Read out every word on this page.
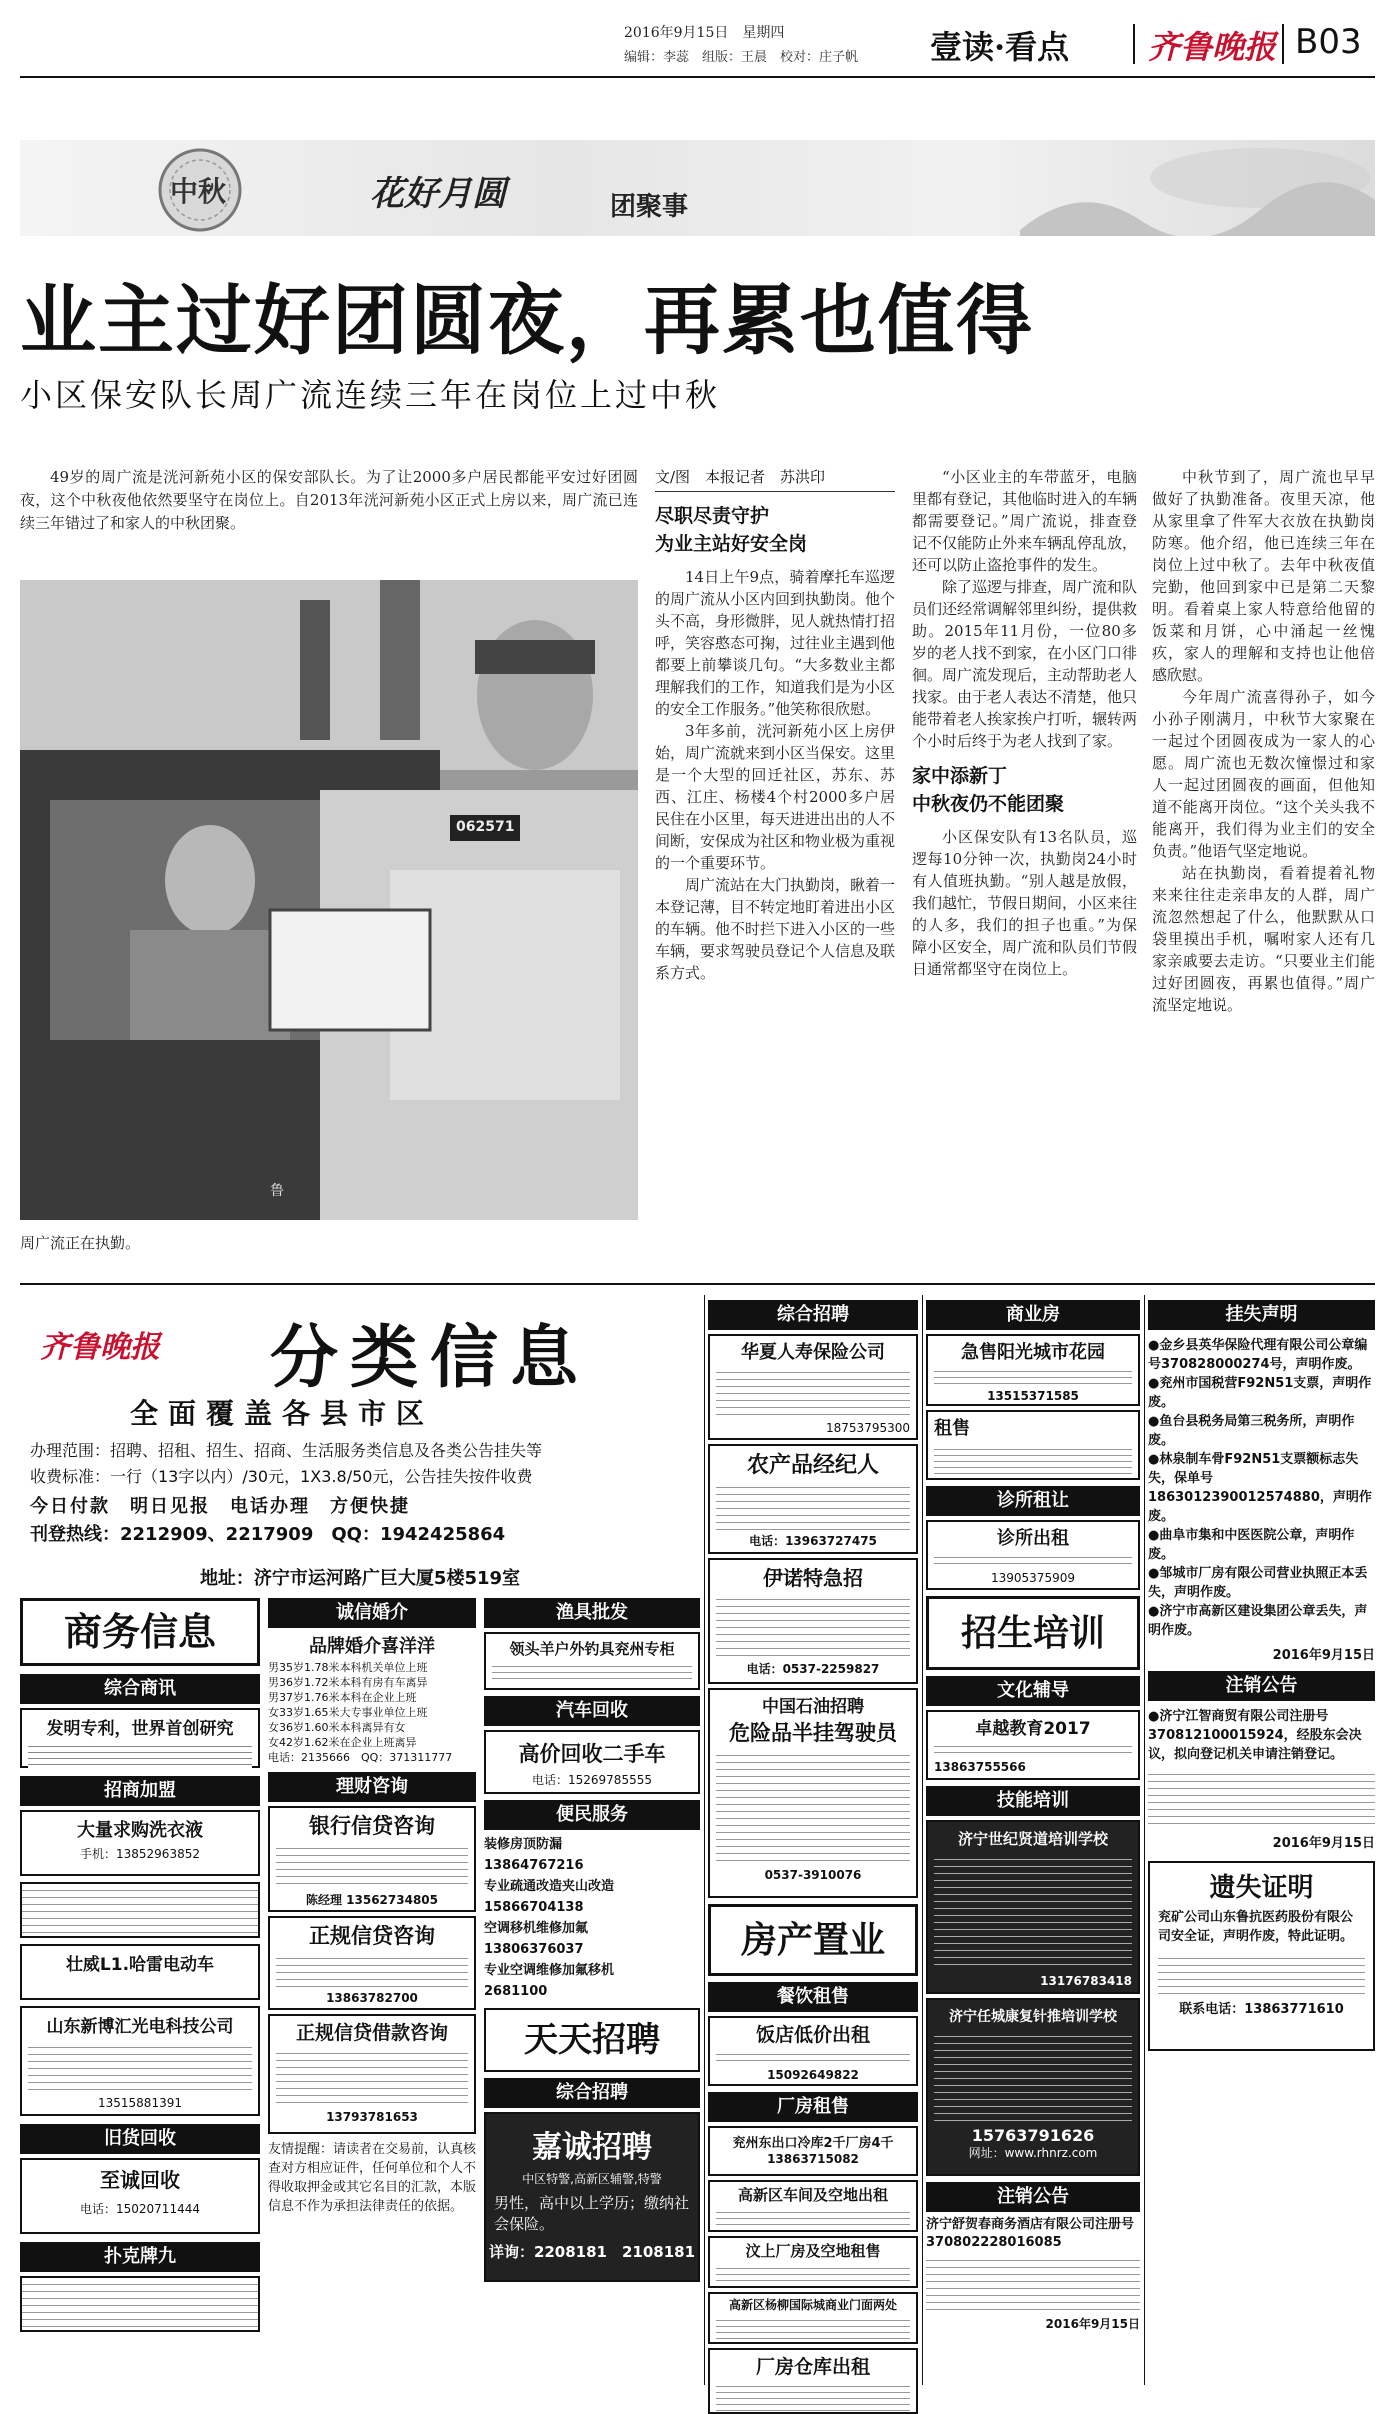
2016年9月15日　星期四
编辑：李蕊　组版：王晨　校对：庄子帆 壹读·看点 齐鲁晚报 B03
中秋	花好月圆	团聚事
业主过好团圆夜，再累也值得
小区保安队长周广流连续三年在岗位上过中秋

49岁的周广流是洸河新苑小区的保安部队长。为了让2000多户居民都能平安过好团圆夜，这个中秋夜他依然要坚守在岗位上。自2013年洸河新苑小区正式上房以来，周广流已连续三年错过了和家人的中秋团聚。

062571
鲁
周广流正在执勤。
文/图　本报记者　苏洪印
尽职尽责守护
为业主站好安全岗

14日上午9点，骑着摩托车巡逻的周广流从小区内回到执勤岗。他个头不高，身形微胖，见人就热情打招呼，笑容憨态可掬，过往业主遇到他都要上前攀谈几句。“大多数业主都理解我们的工作，知道我们是为小区的安全工作服务。”他笑称很欣慰。

3年多前，洸河新苑小区上房伊始，周广流就来到小区当保安。这里是一个大型的回迁社区，苏东、苏西、江庄、杨楼4个村2000多户居民住在小区里，每天进进出出的人不间断，安保成为社区和物业极为重视的一个重要环节。

周广流站在大门执勤岗，瞅着一本登记薄，目不转定地盯着进出小区的车辆。他不时拦下进入小区的一些车辆，要求驾驶员登记个人信息及联系方式。

“小区业主的车带蓝牙，电脑里都有登记，其他临时进入的车辆都需要登记。”周广流说，排查登记不仅能防止外来车辆乱停乱放，还可以防止盗抢事件的发生。

除了巡逻与排查，周广流和队员们还经常调解邻里纠纷，提供救助。2015年11月份，一位80多岁的老人找不到家，在小区门口徘徊。周广流发现后，主动帮助老人找家。由于老人表达不清楚，他只能带着老人挨家挨户打听，辗转两个小时后终于为老人找到了家。

家中添新丁
中秋夜仍不能团聚

小区保安队有13名队员，巡逻每10分钟一次，执勤岗24小时有人值班执勤。“别人越是放假，我们越忙，节假日期间，小区来往的人多，我们的担子也重。”为保障小区安全，周广流和队员们节假日通常都坚守在岗位上。

中秋节到了，周广流也早早做好了执勤准备。夜里天凉，他从家里拿了件军大衣放在执勤岗防寒。他介绍，他已连续三年在岗位上过中秋了。去年中秋夜值完勤，他回到家中已是第二天黎明。看着桌上家人特意给他留的饭菜和月饼，心中涌起一丝愧疚，家人的理解和支持也让他倍感欣慰。

今年周广流喜得孙子，如今小孙子刚满月，中秋节大家聚在一起过个团圆夜成为一家人的心愿。周广流也无数次憧憬过和家人一起过团圆夜的画面，但他知道不能离开岗位。“这个关头我不能离开，我们得为业主们的安全负责。”他语气坚定地说。

站在执勤岗，看着提着礼物来来往往走亲串友的人群，周广流忽然想起了什么，他默默从口袋里摸出手机，嘱咐家人还有几家亲戚要去走访。“只要业主们能过好团圆夜，再累也值得。”周广流坚定地说。

齐鲁晚报 分类信息
全面覆盖各县市区
办理范围：招聘、招租、招生、招商、生活服务类信息及各类公告挂失等
收费标准：一行（13字以内）/30元，1X3.8/50元，公告挂失按件收费
今日付款　明日见报　电话办理　方便快捷
刊登热线：2212909、2217909　QQ：1942425864
地址：济宁市运河路广巨大厦5楼519室
商务信息
综合商讯
发明专利，世界首创研究
招商加盟
大量求购洗衣液
手机：13852963852
壮威L1.哈雷电动车
山东新博汇光电科技公司
13515881391
旧货回收
至诚回收
电话：15020711444
扑克牌九
诚信婚介
品牌婚介喜洋洋
男35岁1.78米本科机关单位上班
男36岁1.72米本科有房有车离异
男37岁1.76米本科在企业上班
女33岁1.65米大专事业单位上班
女36岁1.60米本科离异有女
女42岁1.62米在企业上班离异
电话：2135666　QQ：371311777
理财咨询
银行信贷咨询
陈经理 13562734805
正规信贷咨询
13863782700
正规信贷借款咨询
13793781653
友情提醒：请读者在交易前，认真核查对方相应证件，任何单位和个人不得收取押金或其它名目的汇款，本版信息不作为承担法律责任的依据。
渔具批发
领头羊户外钓具兖州专柜
汽车回收
高价回收二手车
电话：15269785555
便民服务
装修房顶防漏
13864767216
专业疏通改造夹山改造
15866704138
空调移机维修加氟
13806376037
专业空调维修加氟移机
2681100
天天招聘
综合招聘
嘉诚招聘
中区特警,高新区辅警,特警
男性，高中以上学历；缴纳社会保险。
详询：2208181　2108181
综合招聘
华夏人寿保险公司
18753795300
农产品经纪人
电话：13963727475
伊诺特急招
电话：0537-2259827
中国石油招聘
危险品半挂驾驶员
0537-3910076
房产置业
餐饮租售
饭店低价出租
15092649822
厂房租售
兖州东出口冷库2千厂房4千
13863715082
高新区车间及空地出租
汶上厂房及空地租售
高新区杨柳国际城商业门面两处
厂房仓库出租
商业房
急售阳光城市花园
13515371585
租售
诊所租让
诊所出租
13905375909
招生培训
文化辅导
卓越教育2017
13863755566
技能培训
济宁世纪贤道培训学校
13176783418
济宁任城康复针推培训学校
15763791626
网址：www.rhnrz.com
注销公告
济宁舒贺春商务酒店有限公司注册号370802228016085
2016年9月15日
挂失声明
●金乡县英华保险代理有限公司公章编号370828000274号，声明作废。
●兖州市国税营F92N51支票，声明作废。
●鱼台县税务局第三税务所，声明作废。
●林泉制车骨F92N51支票额标志失失，保单号1863012390012574880，声明作废。
●曲阜市集和中医医院公章，声明作废。
●邹城市厂房有限公司营业执照正本丢失，声明作废。
●济宁市高新区建设集团公章丢失，声明作废。
2016年9月15日
注销公告
●济宁江智商贸有限公司注册号370812100015924，经股东会决议，拟向登记机关申请注销登记。
2016年9月15日
遗失证明
兖矿公司山东鲁抗医药股份有限公司安全证，声明作废，特此证明。
联系电话：13863771610
